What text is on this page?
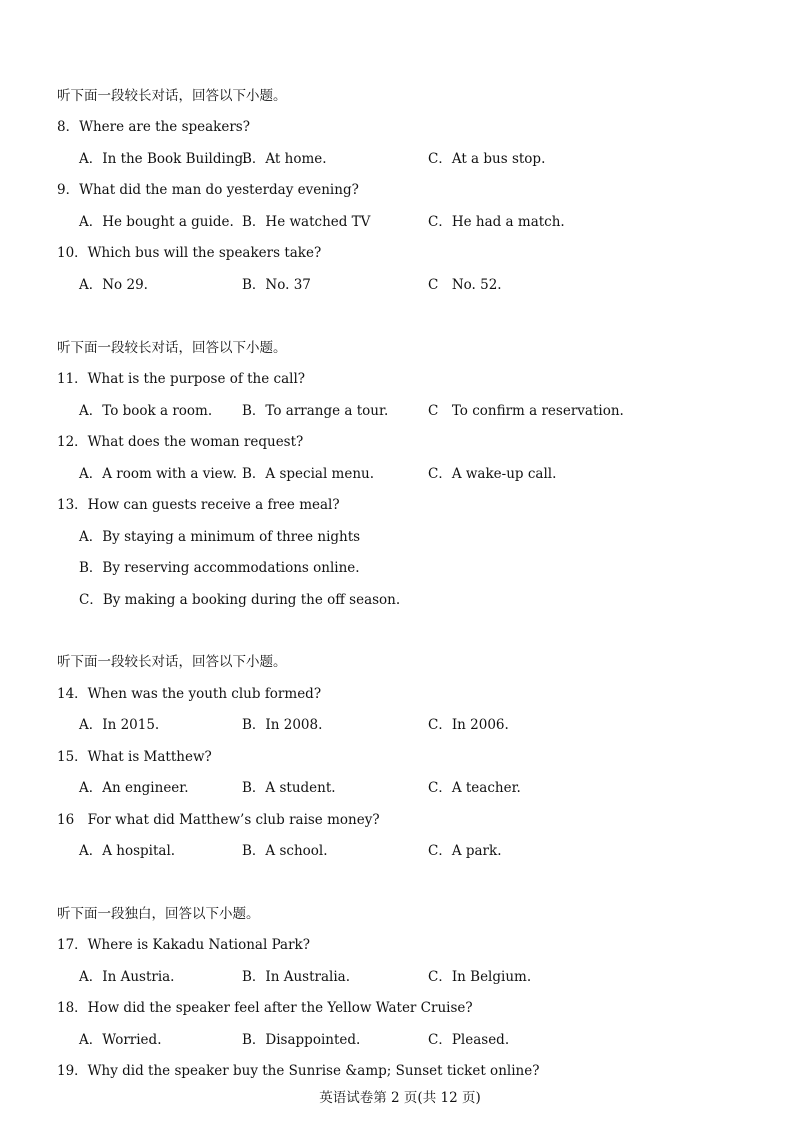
听下面一段较长对话，回答以下小题。
8．Where are the speakers?
A．In the Book Building.
B．At home.	C．At a bus stop.
9．What did the man do yesterday evening?
A．He bought a guide. B．He watched TV	C．He had a match.
10．Which bus will the speakers take?
A．No 29.	B．No. 37	C　No. 52.
听下面一段较长对话，回答以下小题。
11．What is the purpose of the call?
A．To book a room. B．To arrange a tour.	C　To confirm a reservation.
12．What does the woman request?
A．A room with a view. B．A special menu.	C．A wake-up call.
13．How can guests receive a free meal?
A．By staying a minimum of three nights
B．By reserving accommodations online.
C．By making a booking during the off season.
听下面一段较长对话，回答以下小题。
14．When was the youth club formed?
A．In 2015.	B．In 2008.	C．In 2006.
15．What is Matthew?
A．An engineer.	B．A student.	C．A teacher.
16　For what did Matthew’s club raise money?
A．A hospital.	B．A school.	C．A park.
听下面一段独白，回答以下小题。
17．Where is Kakadu National Park?
A．In Austria.	B．In Australia.	C．In Belgium.
18．How did the speaker feel after the Yellow Water Cruise?
A．Worried.	B．Disappointed.	C．Pleased.
19．Why did the speaker buy the Sunrise &amp; Sunset ticket online?
英语试卷第 2 页(共 12 页)
